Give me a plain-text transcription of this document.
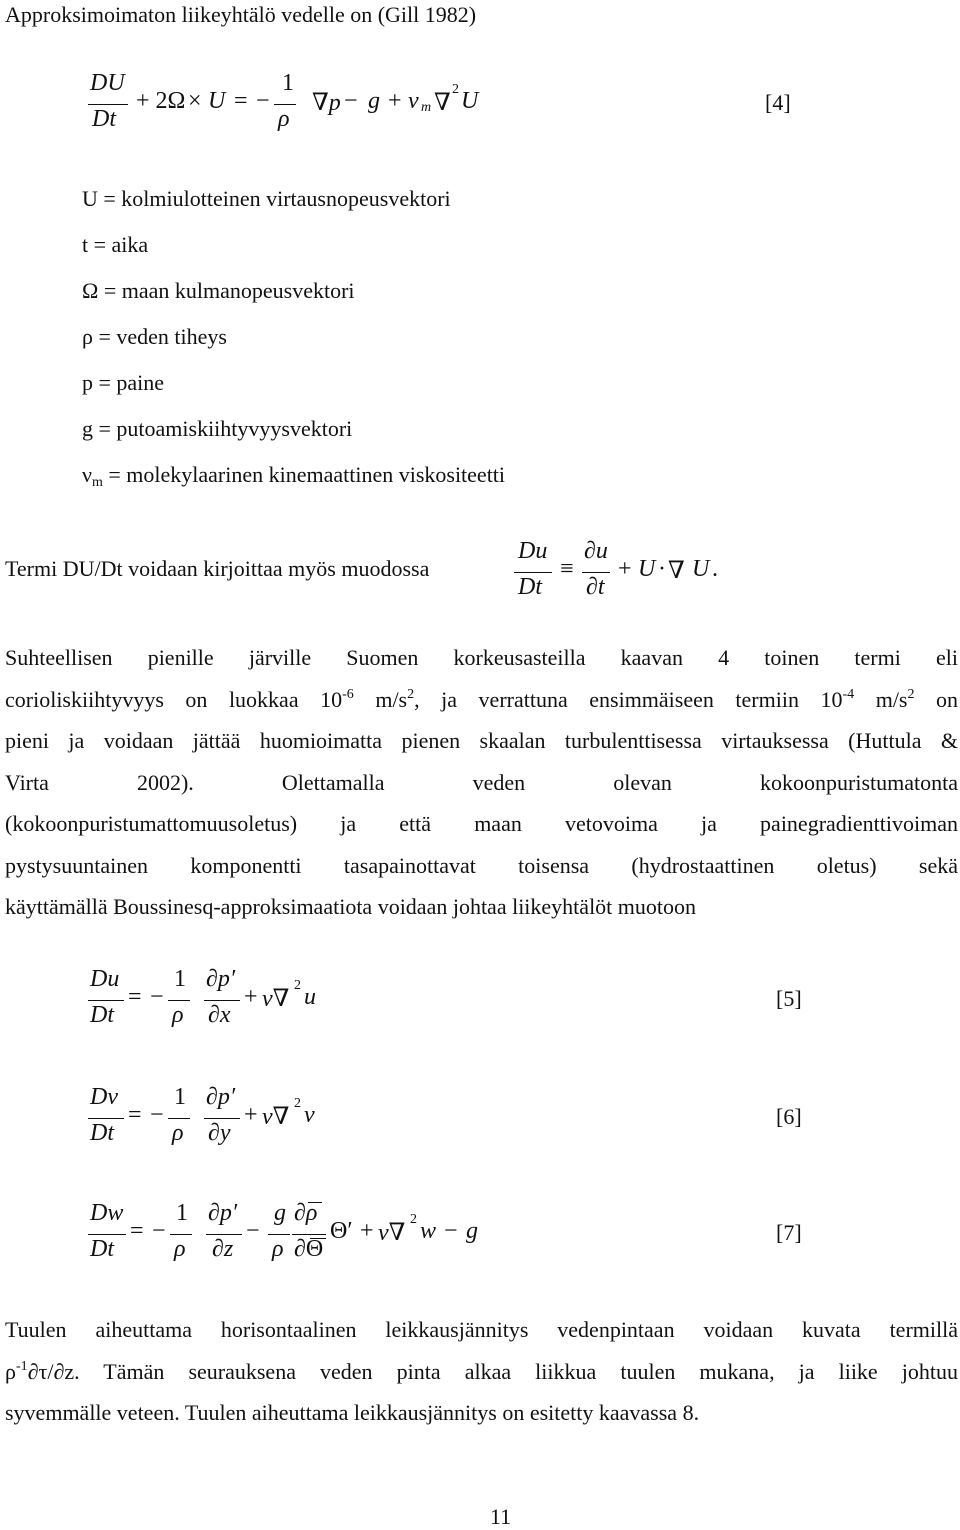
Approksimoimaton liikeyhtälö vedelle on (Gill 1982)
DU
Dt
+ 2Ω × U = −
1
ρ
∇p − g + ν m ∇
2 U	[4]
U = kolmiulotteinen virtausnopeusvektori
t = aika
Ω = maan kulmanopeusvektori
ρ = veden tiheys
p = paine
g = putoamiskiihtyvyysvektori
$\nu_m$ = molekylaarinen kinemaattinen viskositeetti
Termi DU/Dt voidaan kirjoittaa myös muodossa
Du
Dt
≡
∂u
∂t
+ U · ∇ U .
Suhteellisen pienille järville Suomen korkeusasteilla kaavan 4 toinen termi eli
corioliskiihtyvyys on luokkaa $10^{-6}$ $m/s^2$, ja verrattuna ensimmäiseen termiin $10^{-4}$ $m/s^2$ on
pieni ja voidaan jättää huomioimatta pienen skaalan turbulenttisessa virtauksessa (Huttula &
Virta 2002). Olettamalla veden olevan kokoonpuristumatonta
(kokoonpuristumattomuusoletus) ja että maan vetovoima ja painegradienttivoiman
pystysuuntainen komponentti tasapainottavat toisensa (hydrostaattinen oletus) sekä
käyttämällä Boussinesq-approksimaatiota voidaan johtaa liikeyhtälöt muotoon
Du
Dt
= −
1
ρ
∂p′
∂x
+ ν∇
2 u	[5]
Dv
Dt
= −
1
ρ
∂p′
∂y
+ ν∇
2 v	[6]
Dw
Dt
= −
1
ρ
∂p′
∂z
−
g
ρ
∂ρ
∂Θ
Θ′ + ν∇
2 w − g	[7]
Tuulen aiheuttama horisontaalinen leikkausjännitys vedenpintaan voidaan kuvata termillä
$\rho^{-1}\partial\tau/\partial z$. Tämän seurauksena veden pinta alkaa liikkua tuulen mukana, ja liike johtuu
syvemmälle veteen. Tuulen aiheuttama leikkausjännitys on esitetty kaavassa 8.
11
